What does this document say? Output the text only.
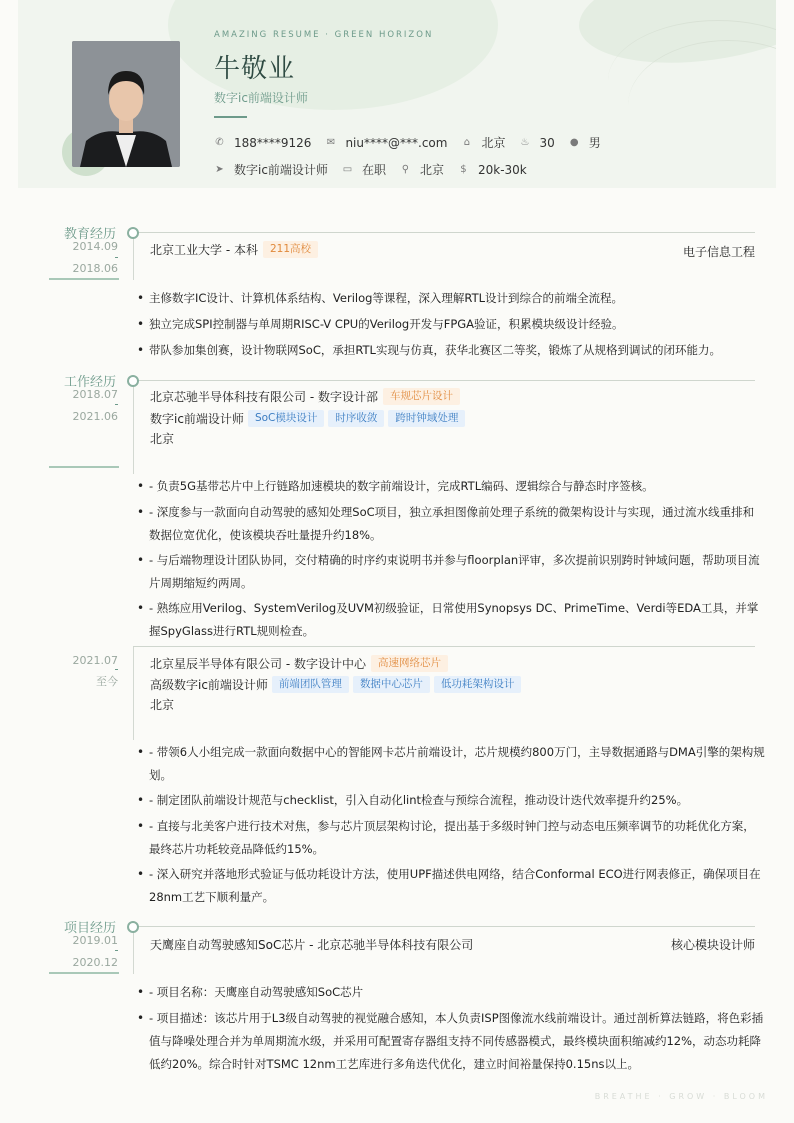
AMAZING RESUME · GREEN HORIZON
牛敬业
数字ic前端设计师
✆ 188****9126 ✉ niu****@***.com ⌂ 北京 ♨ 30 ● 男
➤ 数字ic前端设计师 ▭ 在职 ⚲ 北京 $ 20k-30k
教育经历
2014.09
2018.06
北京工业大学 - 本科	211高校	电子信息工程
• 主修数字IC设计、计算机体系结构、Verilog等课程，深入理解RTL设计到综合的前端全流程。
• 独立完成SPI控制器与单周期RISC-V CPU的Verilog开发与FPGA验证，积累模块级设计经验。
• 带队参加集创赛，设计物联网SoC，承担RTL实现与仿真，获华北赛区二等奖，锻炼了从规格到调试的闭环能力。
工作经历
2018.07
2021.06
北京芯驰半导体科技有限公司 - 数字设计部	车规芯片设计
数字ic前端设计师	SoC模块设计	时序收敛	跨时钟域处理
北京
• - 负责5G基带芯片中上行链路加速模块的数字前端设计，完成RTL编码、逻辑综合与静态时序签核。
• - 深度参与一款面向自动驾驶的感知处理SoC项目，独立承担图像前处理子系统的微架构设计与实现，通过流水线重排和数据位宽优化，使该模块吞吐量提升约18%。
• - 与后端物理设计团队协同，交付精确的时序约束说明书并参与floorplan评审，多次提前识别跨时钟域问题，帮助项目流片周期缩短约两周。
• - 熟练应用Verilog、SystemVerilog及UVM初级验证，日常使用Synopsys DC、PrimeTime、Verdi等EDA工具，并掌握SpyGlass进行RTL规则检查。
2021.07
至今
北京星辰半导体有限公司 - 数字设计中心	高速网络芯片
高级数字ic前端设计师	前端团队管理	数据中心芯片	低功耗架构设计
北京
• - 带领6人小组完成一款面向数据中心的智能网卡芯片前端设计，芯片规模约800万门，主导数据通路与DMA引擎的架构规划。
• - 制定团队前端设计规范与checklist，引入自动化lint检查与预综合流程，推动设计迭代效率提升约25%。
• - 直接与北美客户进行技术对焦，参与芯片顶层架构讨论，提出基于多级时钟门控与动态电压频率调节的功耗优化方案，最终芯片功耗较竞品降低约15%。
• - 深入研究并落地形式验证与低功耗设计方法，使用UPF描述供电网络，结合Conformal ECO进行网表修正，确保项目在28nm工艺下顺利量产。
项目经历
2019.01
2020.12
天鹰座自动驾驶感知SoC芯片 - 北京芯驰半导体科技有限公司	核心模块设计师
• - 项目名称：天鹰座自动驾驶感知SoC芯片
• - 项目描述：该芯片用于L3级自动驾驶的视觉融合感知，本人负责ISP图像流水线前端设计。通过剖析算法链路，将色彩插值与降噪处理合并为单周期流水级，并采用可配置寄存器组支持不同传感器模式，最终模块面积缩减约12%，动态功耗降低约20%。综合时针对TSMC 12nm工艺库进行多角迭代优化，建立时间裕量保持0.15ns以上。
BREATHE · GROW · BLOOM
